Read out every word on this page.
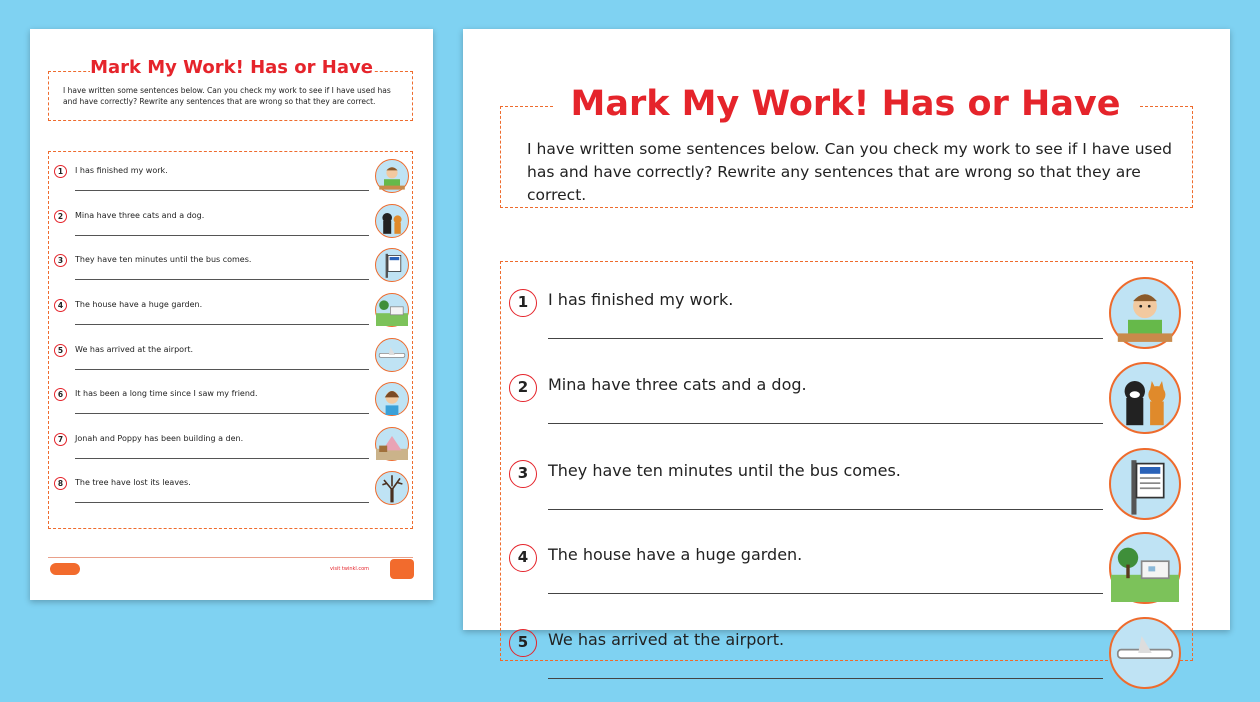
Mark My Work! Has or Have

I have written some sentences below. Can you check my work to see if I have used has and have correctly? Rewrite any sentences that are wrong so that they are correct.

1	I has finished my work.
2	Mina have three cats and a dog.
3	They have ten minutes until the bus comes.
4	The house have a huge garden.
5	We has arrived at the airport.
6	It has been a long time since I saw my friend.
7	Jonah and Poppy has been building a den.
8	The tree have lost its leaves.
visit twinkl.com
Mark My Work! Has or Have

I have written some sentences below. Can you check my work to see if I have used has and have correctly? Rewrite any sentences that are wrong so that they are correct.

1	I has finished my work.
2	Mina have three cats and a dog.
3	They have ten minutes until the bus comes.
4	The house have a huge garden.
5	We has arrived at the airport.
